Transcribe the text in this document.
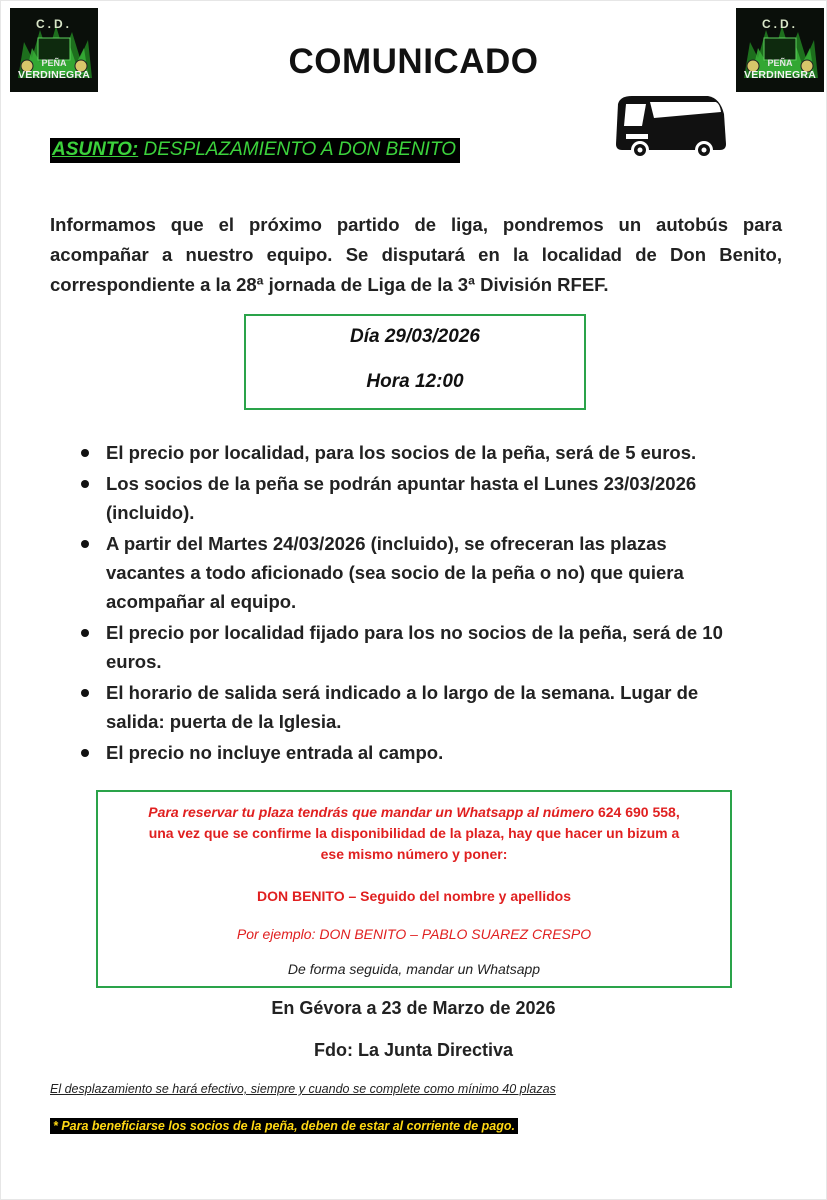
C.D.
PEÑA
VERDINEGRA
C.D.
PEÑA
VERDINEGRA
COMUNICADO
ASUNTO: DESPLAZAMIENTO A DON BENITO
Informamos que el próximo partido de liga, pondremos un autobús para
acompañar a nuestro equipo. Se disputará en la localidad de Don Benito,
correspondiente a la 28ª jornada de Liga de la 3ª División RFEF.
Día 29/03/2026
Hora 12:00
El precio por localidad, para los socios de la peña, será de 5 euros.
Los socios de la peña se podrán apuntar hasta el Lunes 23/03/2026
(incluido).
A partir del Martes 24/03/2026 (incluido), se ofreceran las plazas
vacantes a todo aficionado (sea socio de la peña o no) que quiera
acompañar al equipo.
El precio por localidad fijado para los no socios de la peña, será de 10
euros.
El horario de salida será indicado a lo largo de la semana. Lugar de
salida: puerta de la Iglesia.
El precio no incluye entrada al campo.
Para reservar tu plaza tendrás que mandar un Whatsapp al número 624 690 558,
una vez que se confirme la disponibilidad de la plaza, hay que hacer un bizum a
ese mismo número y poner:
DON BENITO – Seguido del nombre y apellidos
Por ejemplo: DON BENITO – PABLO SUAREZ CRESPO
De forma seguida, mandar un Whatsapp
En Gévora a 23 de Marzo de 2026
Fdo: La Junta Directiva
El desplazamiento se hará efectivo, siempre y cuando se complete como mínimo 40 plazas
* Para beneficiarse los socios de la peña, deben de estar al corriente de pago.
